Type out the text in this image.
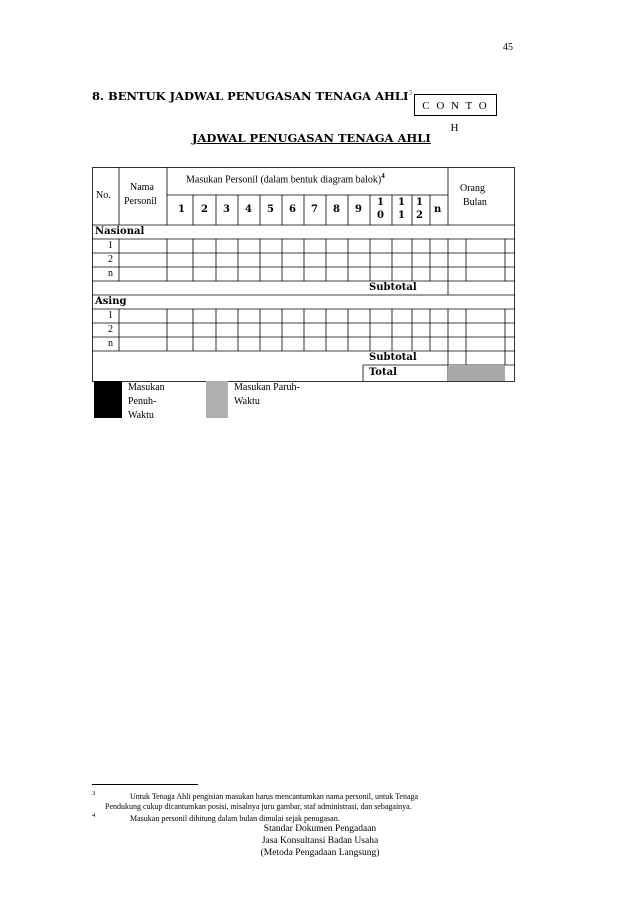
45
8. BENTUK JADWAL PENUGASAN TENAGA AHLI$^3$
C O N T O H
JADWAL PENUGASAN TENAGA AHLI
No.
Nama
Personil
Masukan Personil (dalam bentuk diagram balok)$^4$
Orang
Bulan
1 2 3 4 5 6 7 8 9
1
0
1
1
1
2
n
Nasional
1
2
n
Subtotal
Asing
1
2
n
Subtotal
Total
Masukan
Penuh-
Waktu
Masukan Paruh-
Waktu
$^3$	Untuk Tenaga Ahli pengisian masukan harus mencantumkan nama personil, untuk Tenaga
Pendukung cukup dicantumkan posisi, misalnya juru gambar, staf administrasi, dan sebagainya.
$^4$	Masukan personil dihitung dalam bulan dimulai sejak penugasan.
Standar Dokumen Pengadaan
Jasa Konsultansi Badan Usaha
(Metoda Pengadaan Langsung)
